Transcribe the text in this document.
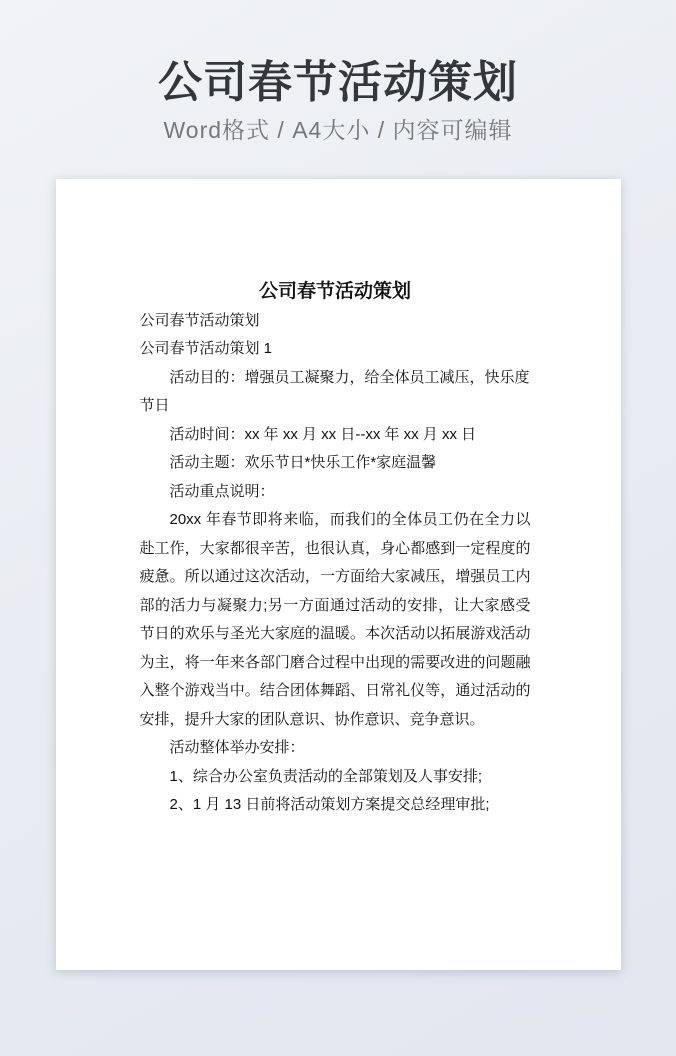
公司春节活动策划

Word格式 / A4大小 / 内容可编辑

公司春节活动策划

公司春节活动策划

公司春节活动策划 1

活动目的：增强员工凝聚力，给全体员工减压，快乐度节日

活动时间：xx 年 xx 月 xx 日--xx 年 xx 月 xx 日

活动主题：欢乐节日*快乐工作*家庭温馨

活动重点说明：

20xx 年春节即将来临，而我们的全体员工仍在全力以赴工作，大家都很辛苦，也很认真，身心都感到一定程度的疲惫。所以通过这次活动，一方面给大家减压，增强员工内部的活力与凝聚力;另一方面通过活动的安排，让大家感受节日的欢乐与圣光大家庭的温暖。本次活动以拓展游戏活动为主，将一年来各部门磨合过程中出现的需要改进的问题融入整个游戏当中。结合团体舞蹈、日常礼仪等，通过活动的安排，提升大家的团队意识、协作意识、竞争意识。

活动整体举办安排：

1、综合办公室负责活动的全部策划及人事安排;

2、1 月 13 日前将活动策划方案提交总经理审批;
